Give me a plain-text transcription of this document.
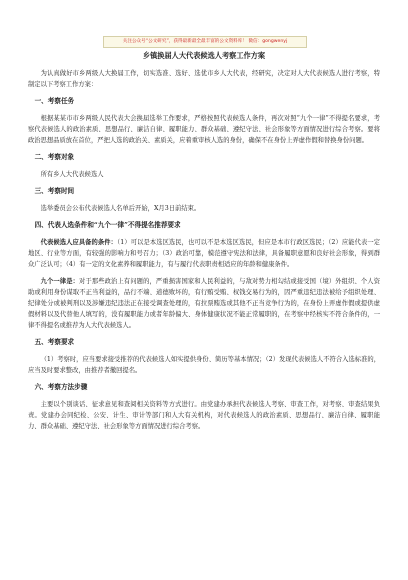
关注公众号“公文研究”，获得最新最全最丰富的公文资料库！ 微信：gongwenyj
乡镇换届人大代表候选人考察工作方案

为认真做好市乡两级人大换届工作，切实选准、选好、选优市乡人大代表，经研究，决定对人大代表候选人进行考察，特制定以下考察工作方案：

一、考察任务

根据某某市市乡两级人民代表大会换届选举工作要求，严格按照代表候选人条件，再次对照“九个一律”不得提名要求，考察代表候选人的政治素质、思想品行、廉洁自律、履职能力、群众基础、遵纪守法、社会形象等方面情况进行综合考察。要将政治思想品质放在首位，严把人选的政治关、素质关，应着重审核人选的身份，确保不在身份上弄虚作假和替换身份问题。

二、考察对象

所有乡人大代表候选人

三、考察时间

选举委员会公布代表候选人名单后开始，X月3日前结束。

四、代表人选条件和“九个一律”不得提名推荐要求

代表候选人应具备的条件：（1）可以是本选区选民，也可以不是本选区选民，但应是本市行政区选民；（2）应能代表一定地区、行业等方面，有较强的影响力和号召力；（3）政治可靠，模范遵守宪法和法律，具备履职意愿和良好社会形象，得到群众广泛认可；（4）有一定的文化素养和履职能力，有与履行代表职责相适应的年龄和健康条件。

九个一律是：对于那些政治上有问题的，严重损害国家和人民利益的，与敌对势力相勾结或接受国（境）外组织、个人资助或利用身份谋取不正当利益的，品行不端、道德败坏的，有行贿受贿、权钱交易行为的，因严重违纪违法被给予组织处理、纪律处分或被判刑以及涉嫌违纪违法正在接受调查处理的，有拉票贿选或其他不正当竞争行为的，在身份上弄虚作假或提供虚假材料以及代替他人填写的，没有履职能力或者年龄偏大、身体健康状况不能正常履职的，在考察中经核实不符合条件的，一律不得提名或推荐为人大代表候选人。

五、考察要求

（1）考察时，应当要求接受推荐的代表候选人如实提供身份、简历等基本情况；（2）发现代表候选人不符合入选标准的，应当及时要求整改，由推荐者撤回提名。

六、考察方法步骤

主要以个别谈话、征求意见和查阅相关资料等方式进行。由党建办承担代表候选人考察、审查工作，对考察、审查结果负责。党建办会同纪检、公安、计生、审计等部门和人大有关机构，对代表候选人的政治素质、思想品行、廉洁自律、履职能力、群众基础、遵纪守法、社会形象等方面情况进行综合考察。
